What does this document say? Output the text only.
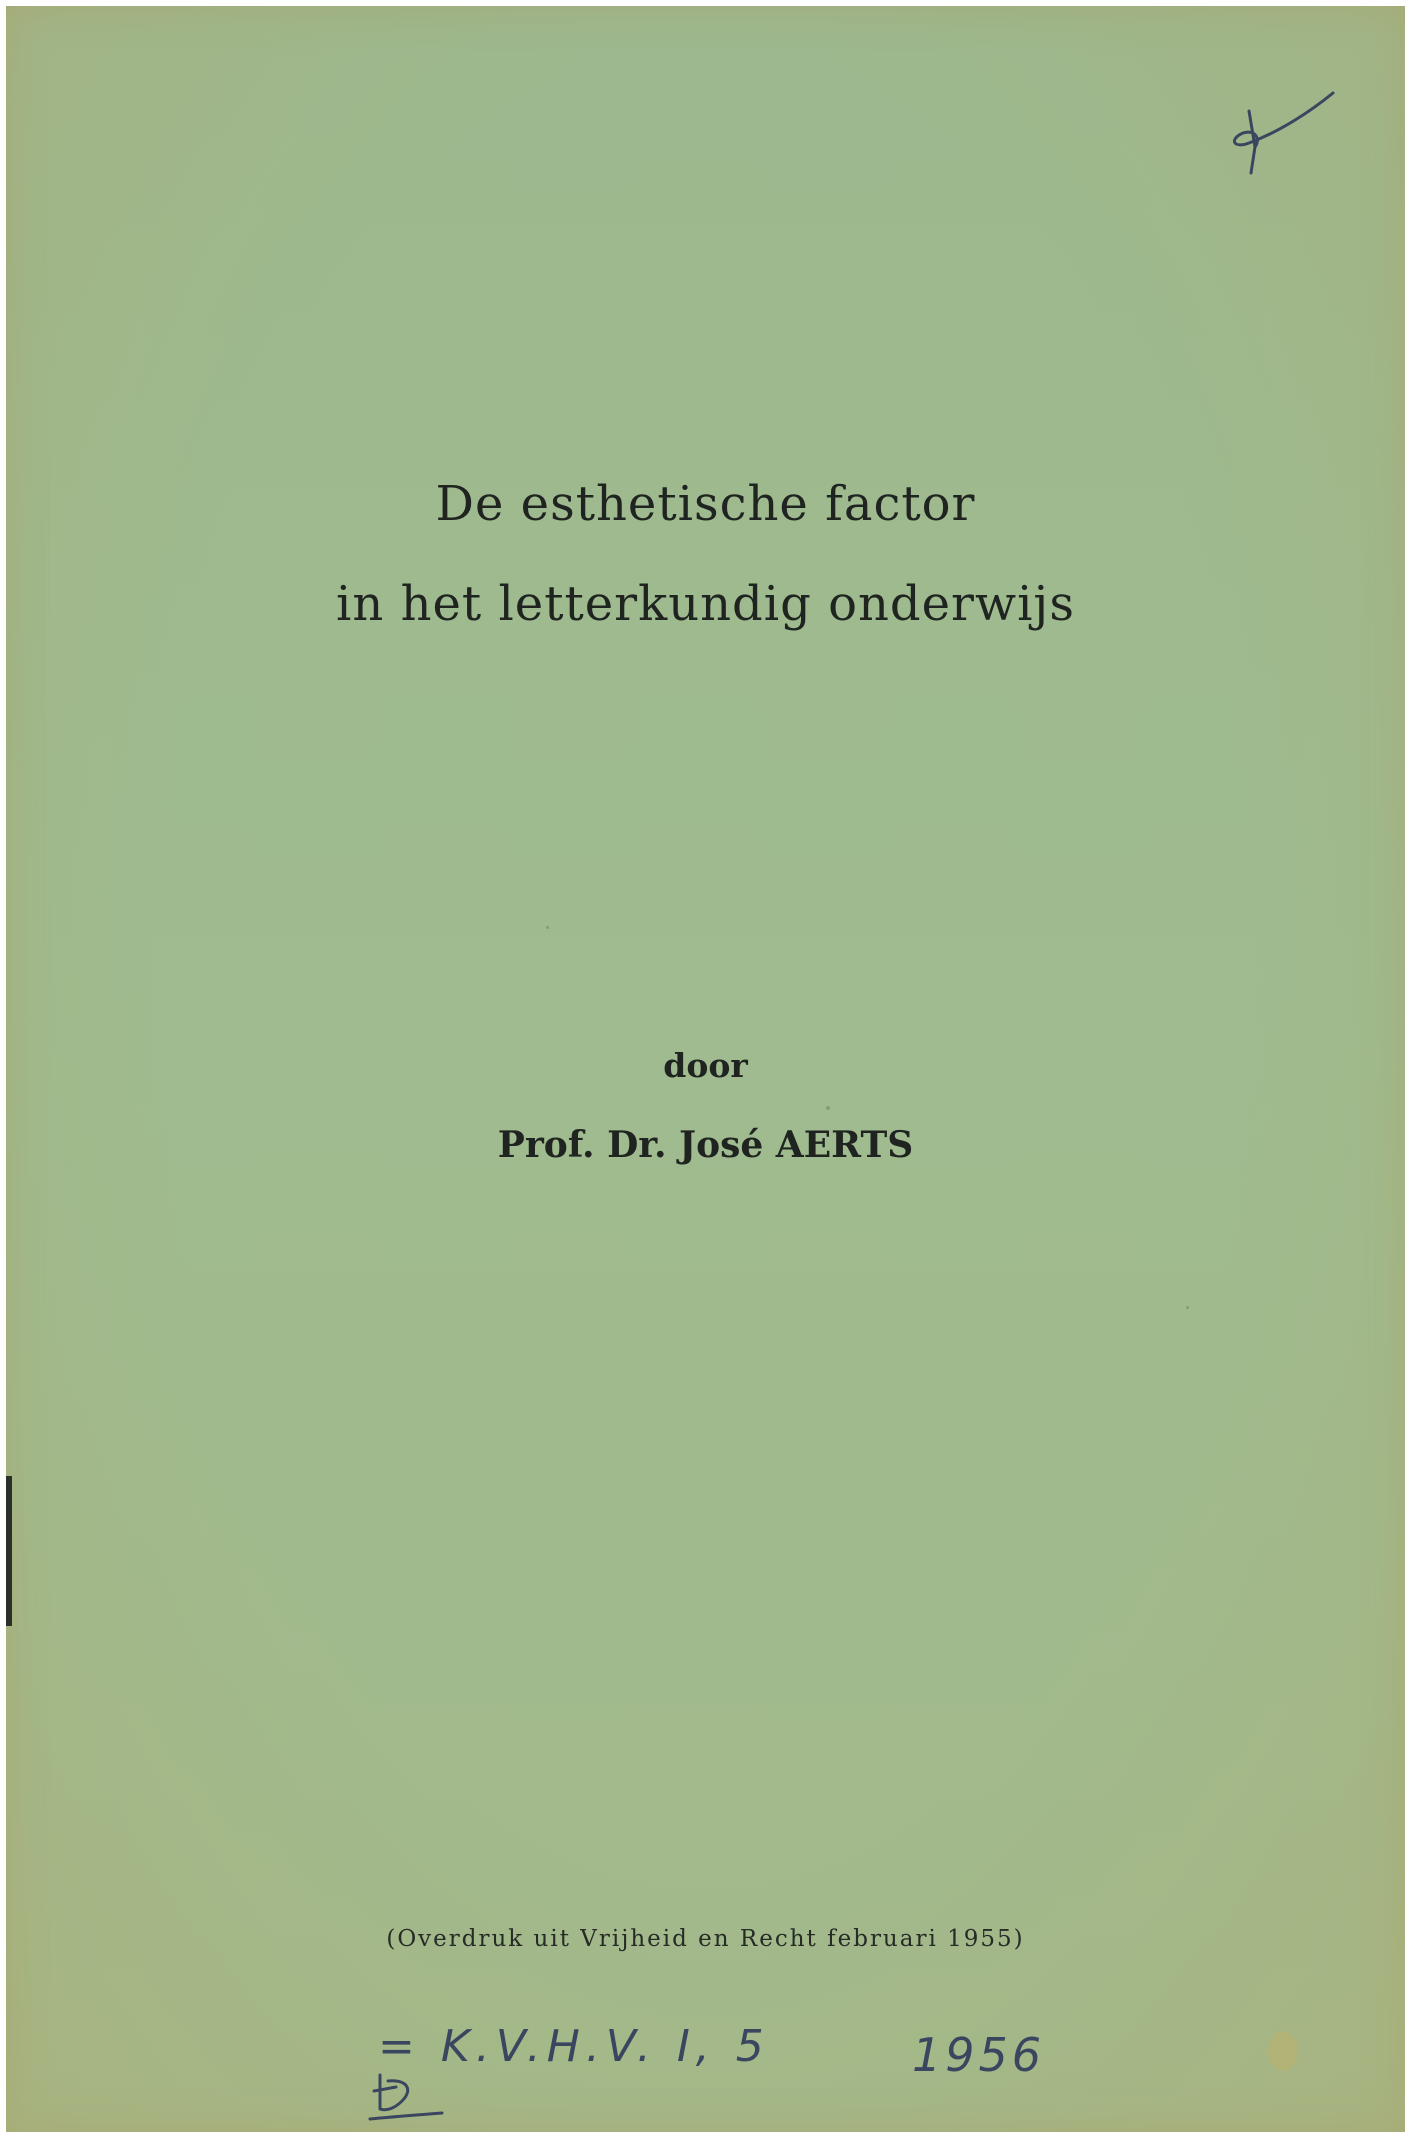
De esthetische factor
in het letterkundig onderwijs
door
Prof. Dr. José AERTS
(Overdruk uit Vrijheid en Recht februari 1955)
= K.V.H.V. I, 5	1956
